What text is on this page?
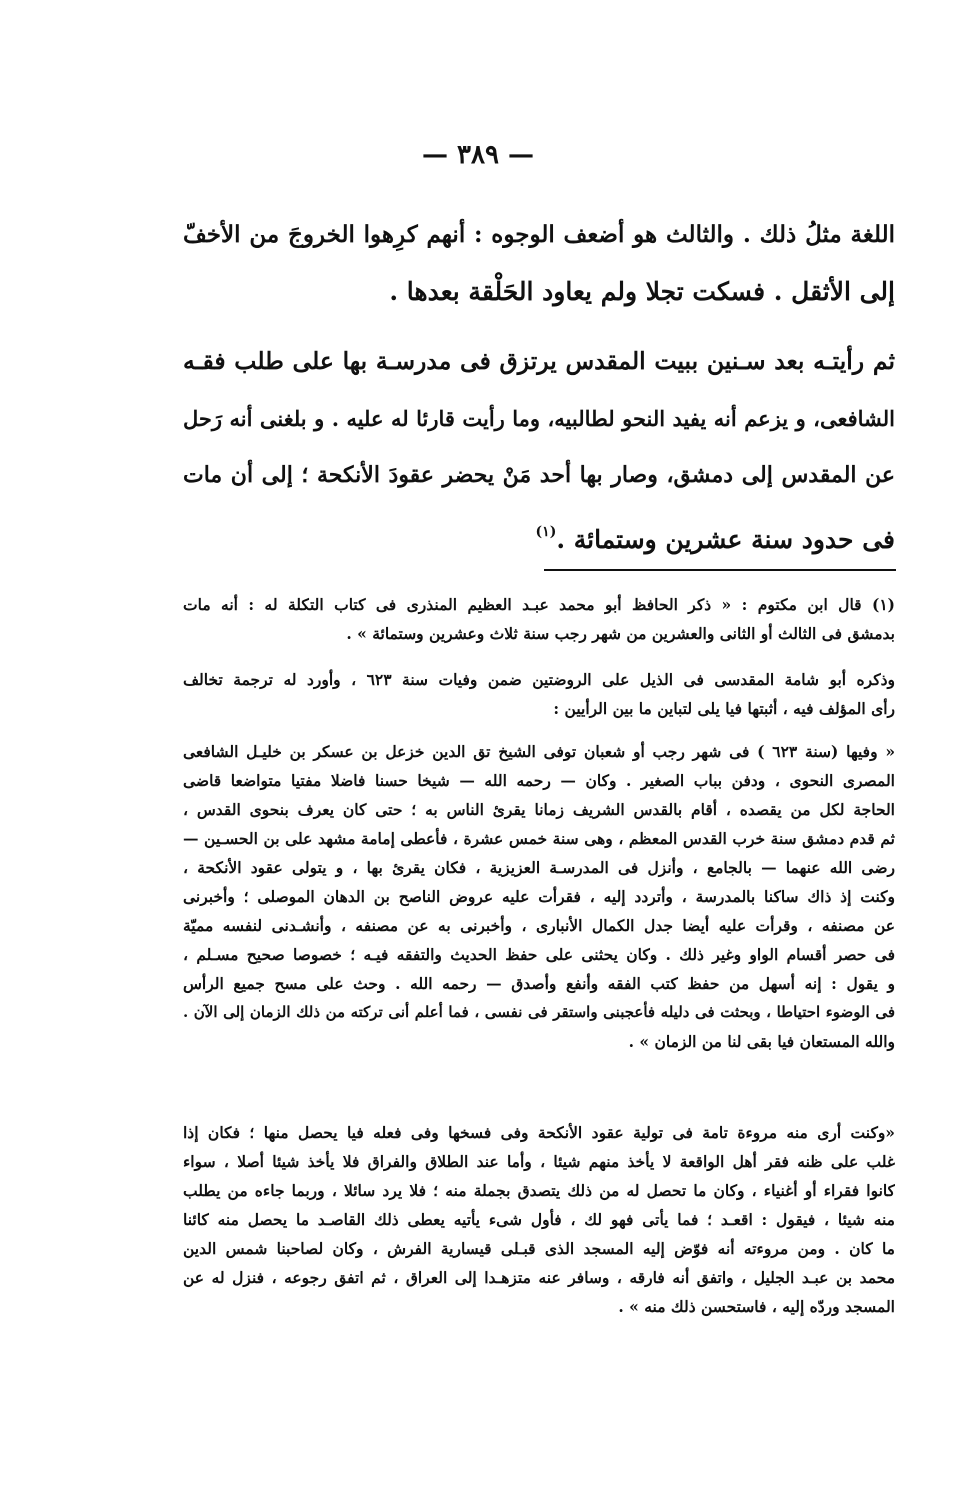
— ٣٨٩ —
اللغة مثلُ ذلك . والثالث هو أضعف الوجوه : أنهم كرِهوا الخروجَ من الأخفّ
إلى الأثقل . فسكت تجلا ولم يعاود الحَلْقة بعدها .
ثم رأيتـه بعد سـنين ببيت المقدس يرتزق فى مدرسـة بها على طلب فقـه
الشافعى، و يزعم أنه يفيد النحو لطالبيه، وما رأيت قارئا له عليه . و بلغنى أنه رَحل
عن المقدس إلى دمشق، وصار بها أحد مَنْ يحضر عقودَ الأنكحة ؛ إلى أن مات
فى حدود سنة عشرين وستمائة .$^{(١)}$
(١) قال ابن مكتوم : « ذكر الحافظ أبو محمد عبـد العظيم المنذرى فى كتاب التكلة له : أنه مات
بدمشق فى الثالث أو الثانى والعشرين من شهر رجب سنة ثلاث وعشرين وستمائة » .
وذكره أبو شامة المقدسى فى الذيل على الروضتين ضمن وفيات سنة ٦٢٣ ، وأورد له ترجمة تخالف
رأى المؤلف فيه ، أثبتها فيا يلى لتباين ما بين الرأيين :
« وفيها (سنة ٦٢٣ ) فى شهر رجب أو شعبان توفى الشيخ تق الدين خزعل بن عسكر بن خليـل الشافعى
المصرى النحوى ، ودفن بباب الصغير . وكان — رحمه الله — شيخا حسنا فاضلا مفتيا متواضعا قاضى
الحاجة لكل من يقصده ، أقام بالقدس الشريف زمانا يقرئ الناس به ؛ حتى كان يعرف بنحوى القدس ،
ثم قدم دمشق سنة خرب القدس المعظم ، وهى سنة خمس عشرة ، فأعطى إمامة مشهد على بن الحسـين —
رضى الله عنهما — بالجامع ، وأنزل فى المدرسـة العزيزية ، فكان يقرئ بها ، و يتولى عقود الأنكحة ،
وكنت إذ ذاك ساكنا بالمدرسة ، وأتردد إليه ، فقرأت عليه عروض الناصح بن الدهان الموصلى ؛ وأخبرنى
عن مصنفه ، وقرأت عليه أيضا جدل الكمال الأنبارى ، وأخبرنى به عن مصنفه ، وأنشـدنى لنفسه مميّة
فى حصر أقسام الواو وغير ذلك . وكان يحثنى على حفظ الحديث والتفقه فيـه ؛ خصوصا صحيح مسـلم ،
و يقول : إنه أسهل من حفظ كتب الفقه وأنفع وأصدق — رحمه الله . وحث على مسح جميع الرأس
فى الوضوء احتياطا ، وبحثت فى دليله فأعجبنى واستقر فى نفسى ، فما أعلم أنى تركته من ذلك الزمان إلى الآن .
والله المستعان فيا بقى لنا من الزمان » .
«وكنت أرى منه مروءة تامة فى تولية عقود الأنكحة وفى فسخها وفى فعله فيا يحصل منها ؛ فكان إذا
غلب على ظنه فقر أهل الواقعة لا يأخذ منهم شيئا ، وأما عند الطلاق والفراق فلا يأخذ شيئا أصلا ، سواء
كانوا فقراء أو أغنياء ، وكان ما تحصل له من ذلك يتصدق بجملة منه ؛ فلا يرد سائلا ، وربما جاءه من يطلب
منه شيئا ، فيقول : اقعـد ؛ فما يأتى فهو لك ، فأول شىء يأتيه يعطى ذلك القاصـد ما يحصل منه كائنا
ما كان . ومن مروءته أنه فوّض إليه المسجد الذى قبـلى قيسارية الفرش ، وكان لصاحبنا شمس الدين
محمد بن عبـد الجليل ، واتفق أنه فارقه ، وسافر عنه متزهـدا إلى العراق ، ثم اتفق رجوعه ، فنزل له عن
المسجد وردّه إليه ، فاستحسن ذلك منه » .
